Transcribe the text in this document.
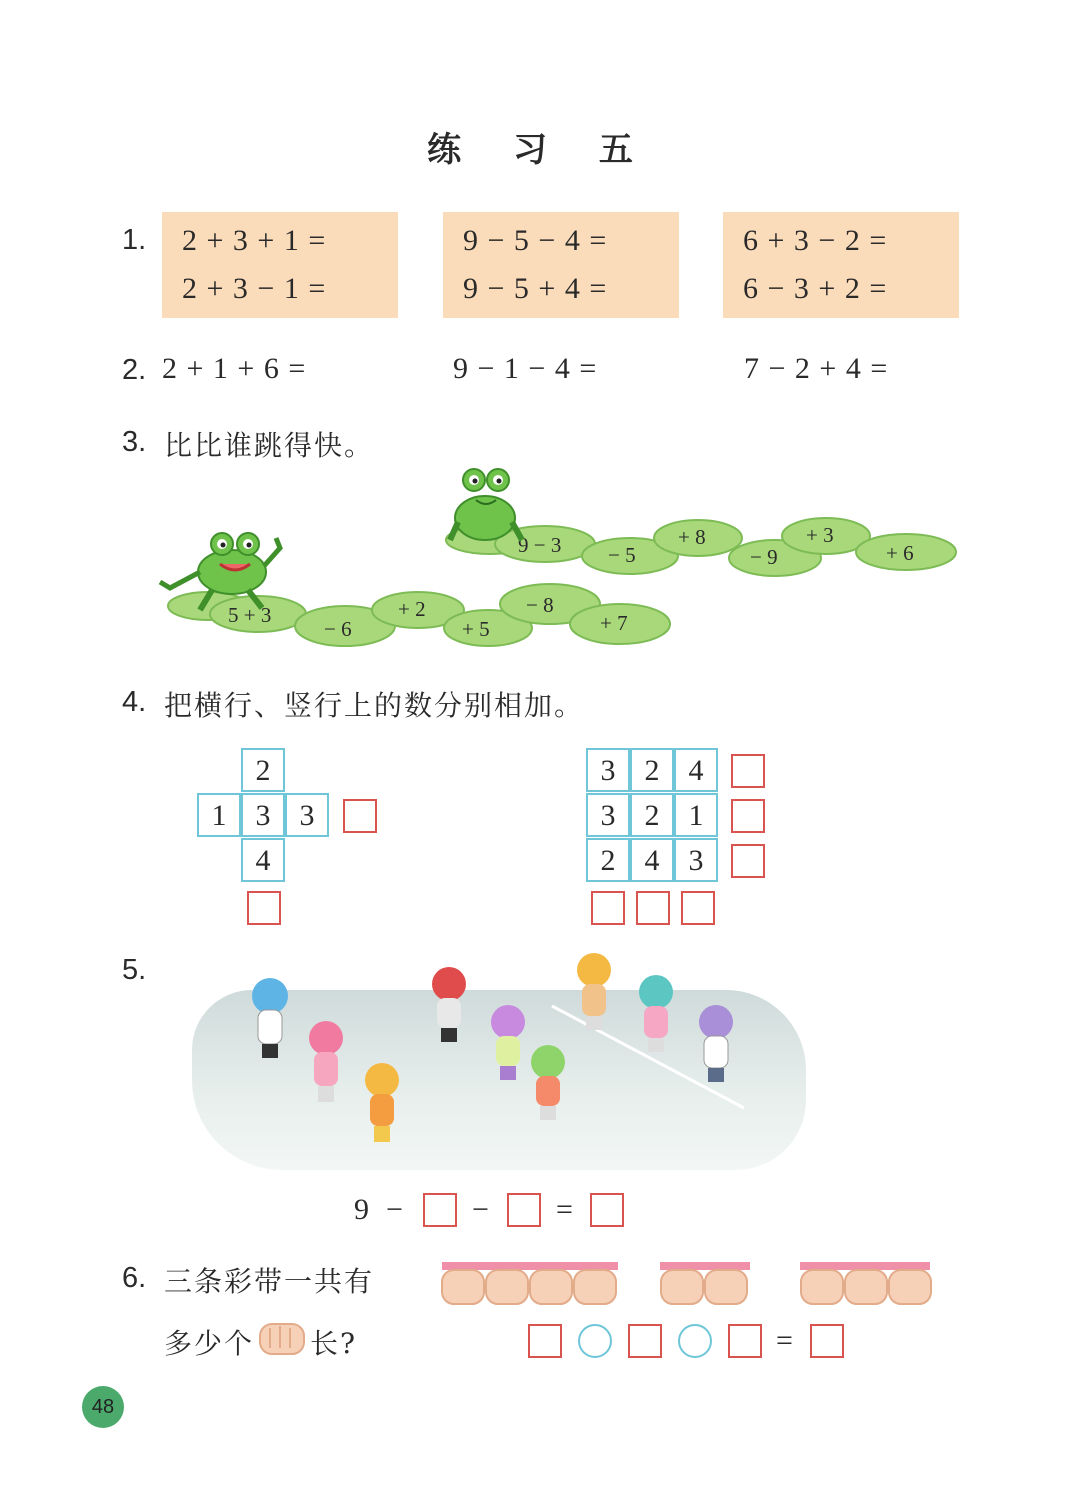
练 习 五
1. 2 + 3 + 1 =
2 + 3 − 1 =
9 − 5 − 4 =
9 − 5 + 4 =
6 + 3 − 2 =
6 − 3 + 2 =
2. 2 + 1 + 6 =	9 − 1 − 4 =	7 − 2 + 4 =
3. 比比谁跳得快。
5 + 3
− 6
+ 2
+ 5
− 8
+ 7
9 − 3 − 5
+ 8
− 9
+ 3
+ 6
4. 把横行、竖行上的数分别相加。
2
1 3 3
4
3 2 4
3 2 1
2 4 3
5.
9 − − =
6. 三条彩带一共有
多少个 长?	=
48
